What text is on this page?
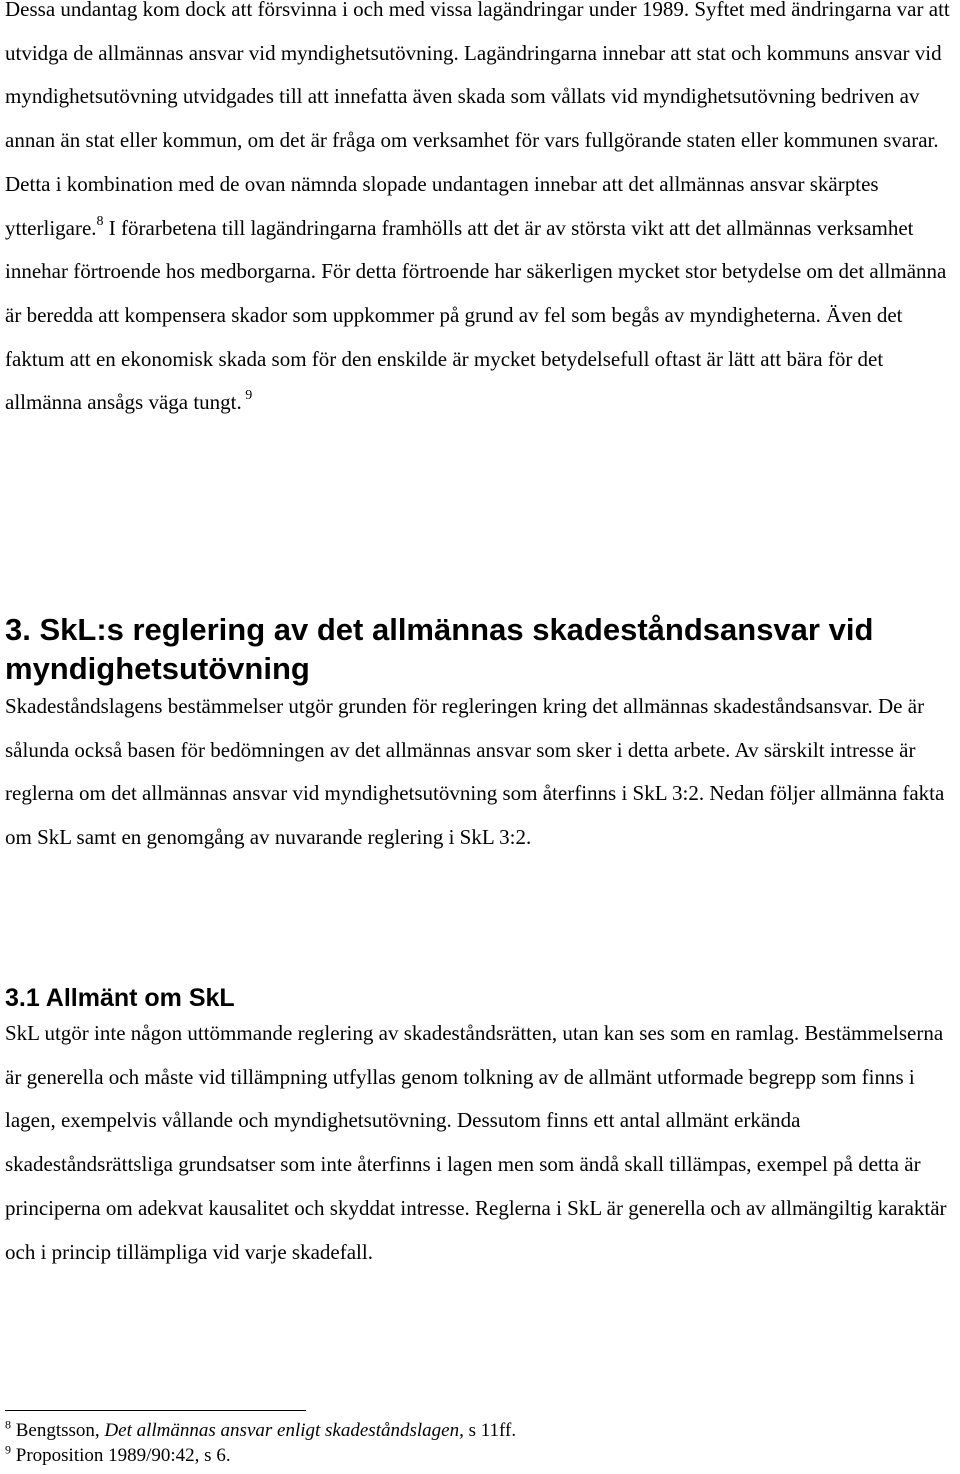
Dessa undantag kom dock att försvinna i och med vissa lagändringar under 1989. Syftet med ändringarna var att utvidga de allmännas ansvar vid myndighetsutövning. Lagändringarna innebar att stat och kommuns ansvar vid myndighetsutövning utvidgades till att innefatta även skada som vållats vid myndighetsutövning bedriven av annan än stat eller kommun, om det är fråga om verksamhet för vars fullgörande staten eller kommunen svarar. Detta i kombination med de ovan nämnda slopade undantagen innebar att det allmännas ansvar skärptes ytterligare.$^8$ I förarbetena till lagändringarna framhölls att det är av största vikt att det allmännas verksamhet innehar förtroende hos medborgarna. För detta förtroende har säkerligen mycket stor betydelse om det allmänna är beredda att kompensera skador som uppkommer på grund av fel som begås av myndigheterna. Även det faktum att en ekonomisk skada som för den enskilde är mycket betydelsefull oftast är lätt att bära för det allmänna ansågs väga tungt. $^9$

3. SkL:s reglering av det allmännas skadeståndsansvar vid myndighetsutövning

Skadeståndslagens bestämmelser utgör grunden för regleringen kring det allmännas skadeståndsansvar. De är sålunda också basen för bedömningen av det allmännas ansvar som sker i detta arbete. Av särskilt intresse är reglerna om det allmännas ansvar vid myndighetsutövning som återfinns i SkL 3:2. Nedan följer allmänna fakta om SkL samt en genomgång av nuvarande reglering i SkL 3:2.

3.1 Allmänt om SkL

SkL utgör inte någon uttömmande reglering av skadeståndsrätten, utan kan ses som en ramlag. Bestämmelserna är generella och måste vid tillämpning utfyllas genom tolkning av de allmänt utformade begrepp som finns i lagen, exempelvis vållande och myndighetsutövning. Dessutom finns ett antal allmänt erkända skadeståndsrättsliga grundsatser som inte återfinns i lagen men som ändå skall tillämpas, exempel på detta är principerna om adekvat kausalitet och skyddat intresse. Reglerna i SkL är generella och av allmängiltig karaktär och i princip tillämpliga vid varje skadefall.

$^8$ Bengtsson, Det allmännas ansvar enligt skadeståndslagen, s 11ff.

$^9$ Proposition 1989/90:42, s 6.
